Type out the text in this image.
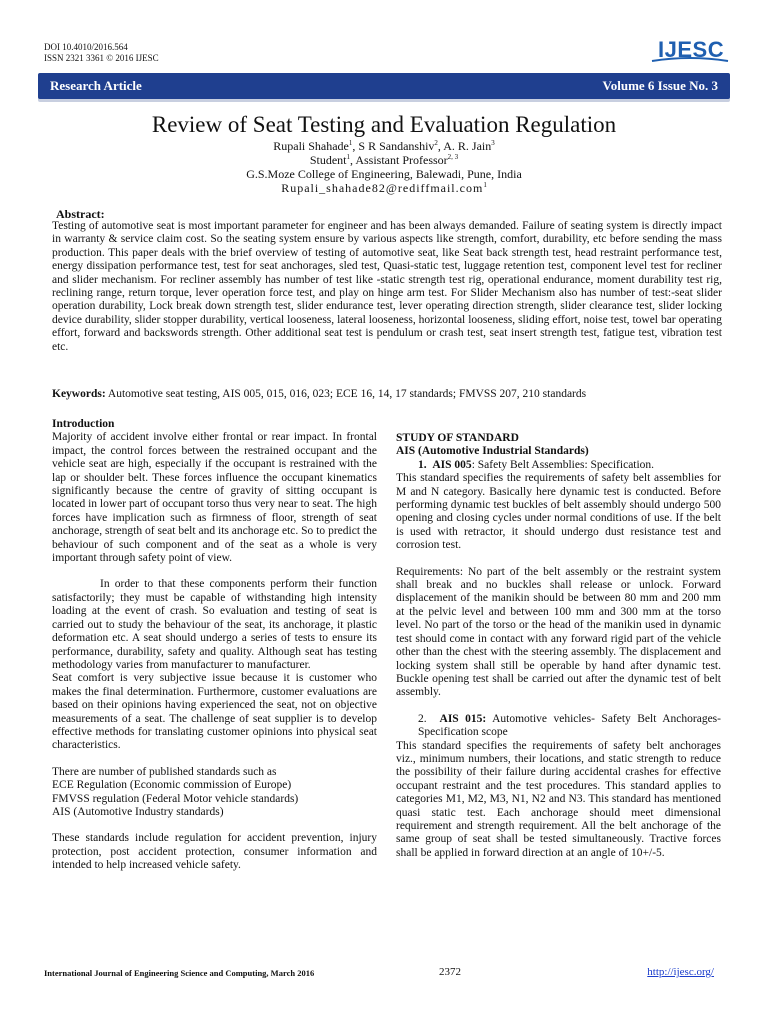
DOI 10.4010/2016.564
ISSN 2321 3361 © 2016 IJESC	IJESC
Research Article	Volume 6 Issue No. 3
Review of Seat Testing and Evaluation Regulation
Rupali Shahade$^1$, S R Sandanshiv$^2$, A. R. Jain$^3$
Student$^1$, Assistant Professor$^{2, 3}$
G.S.Moze College of Engineering, Balewadi, Pune, India
Rupali_shahade82@rediffmail.com$^1$
Abstract:
Testing of automotive seat is most important parameter for engineer and has been always demanded. Failure of seating system is directly impact in warranty & service claim cost. So the seating system ensure by various aspects like strength, comfort, durability, etc before sending the mass production. This paper deals with the brief overview of testing of automotive seat, like Seat back strength test, head restraint performance test, energy dissipation performance test, test for seat anchorages, sled test, Quasi-static test, luggage retention test, component level test for recliner and slider mechanism. For recliner assembly has number of test like -static strength test rig, operational endurance, moment durability test rig, reclining range, return torque, lever operation force test, and play on hinge arm test. For Slider Mechanism also has number of test:-seat slider operation durability, Lock break down strength test, slider endurance test, lever operating direction strength, slider clearance test, slider locking device durability, slider stopper durability, vertical looseness, lateral looseness, horizontal looseness, sliding effort, noise test, towel bar operating effort, forward and backswords strength. Other additional seat test is pendulum or crash test, seat insert strength test, fatigue test, vibration test etc.
Keywords: Automotive seat testing, AIS 005, 015, 016, 023; ECE 16, 14, 17 standards; FMVSS 207, 210 standards

Introduction

Majority of accident involve either frontal or rear impact. In frontal impact, the control forces between the restrained occupant and the vehicle seat are high, especially if the occupant is restrained with the lap or shoulder belt. These forces influence the occupant kinematics significantly because the centre of gravity of sitting occupant is located in lower part of occupant torso thus very near to seat. The high forces have implication such as firmness of floor, strength of seat anchorage, strength of seat belt and its anchorage etc. So to predict the behaviour of such component and of the seat as a whole is very important through safety point of view.

In order to that these components perform their function satisfactorily; they must be capable of withstanding high intensity loading at the event of crash. So evaluation and testing of seat is carried out to study the behaviour of the seat, its anchorage, it plastic deformation etc. A seat should undergo a series of tests to ensure its performance, durability, safety and quality. Although seat has testing methodology varies from manufacturer to manufacturer.

Seat comfort is very subjective issue because it is customer who makes the final determination. Furthermore, customer evaluations are based on their opinions having experienced the seat, not on objective measurements of a seat. The challenge of seat supplier is to develop effective methods for translating customer opinions into physical seat characteristics.

There are number of published standards such as

ECE Regulation (Economic commission of Europe)

FMVSS regulation (Federal Motor vehicle standards)

AIS (Automotive Industry standards)

These standards include regulation for accident prevention, injury protection, post accident protection, consumer information and intended to help increased vehicle safety.

STUDY OF STANDARD

AIS (Automotive Industrial Standards)

1. AIS 005: Safety Belt Assemblies: Specification.

This standard specifies the requirements of safety belt assemblies for M and N category. Basically here dynamic test is conducted. Before performing dynamic test buckles of belt assembly should undergo 500 opening and closing cycles under normal conditions of use. If the belt is used with retractor, it should undergo dust resistance test and corrosion test.

Requirements: No part of the belt assembly or the restraint system shall break and no buckles shall release or unlock. Forward displacement of the manikin should be between 80 mm and 200 mm at the pelvic level and between 100 mm and 300 mm at the torso level. No part of the torso or the head of the manikin used in dynamic test should come in contact with any forward rigid part of the vehicle other than the chest with the steering assembly. The displacement and locking system shall still be operable by hand after dynamic test. Buckle opening test shall be carried out after the dynamic test of belt assembly.

2. AIS 015: Automotive vehicles- Safety Belt Anchorages- Specification scope

This standard specifies the requirements of safety belt anchorages viz., minimum numbers, their locations, and static strength to reduce the possibility of their failure during accidental crashes for effective occupant restraint and the test procedures. This standard applies to categories M1, M2, M3, N1, N2 and N3. This standard has mentioned quasi static test. Each anchorage should meet dimensional requirement and strength requirement. All the belt anchorage of the same group of seat shall be tested simultaneously. Tractive forces shall be applied in forward direction at an angle of 10+/-5.

International Journal of Engineering Science and Computing, March 2016	2372	http://ijesc.org/
